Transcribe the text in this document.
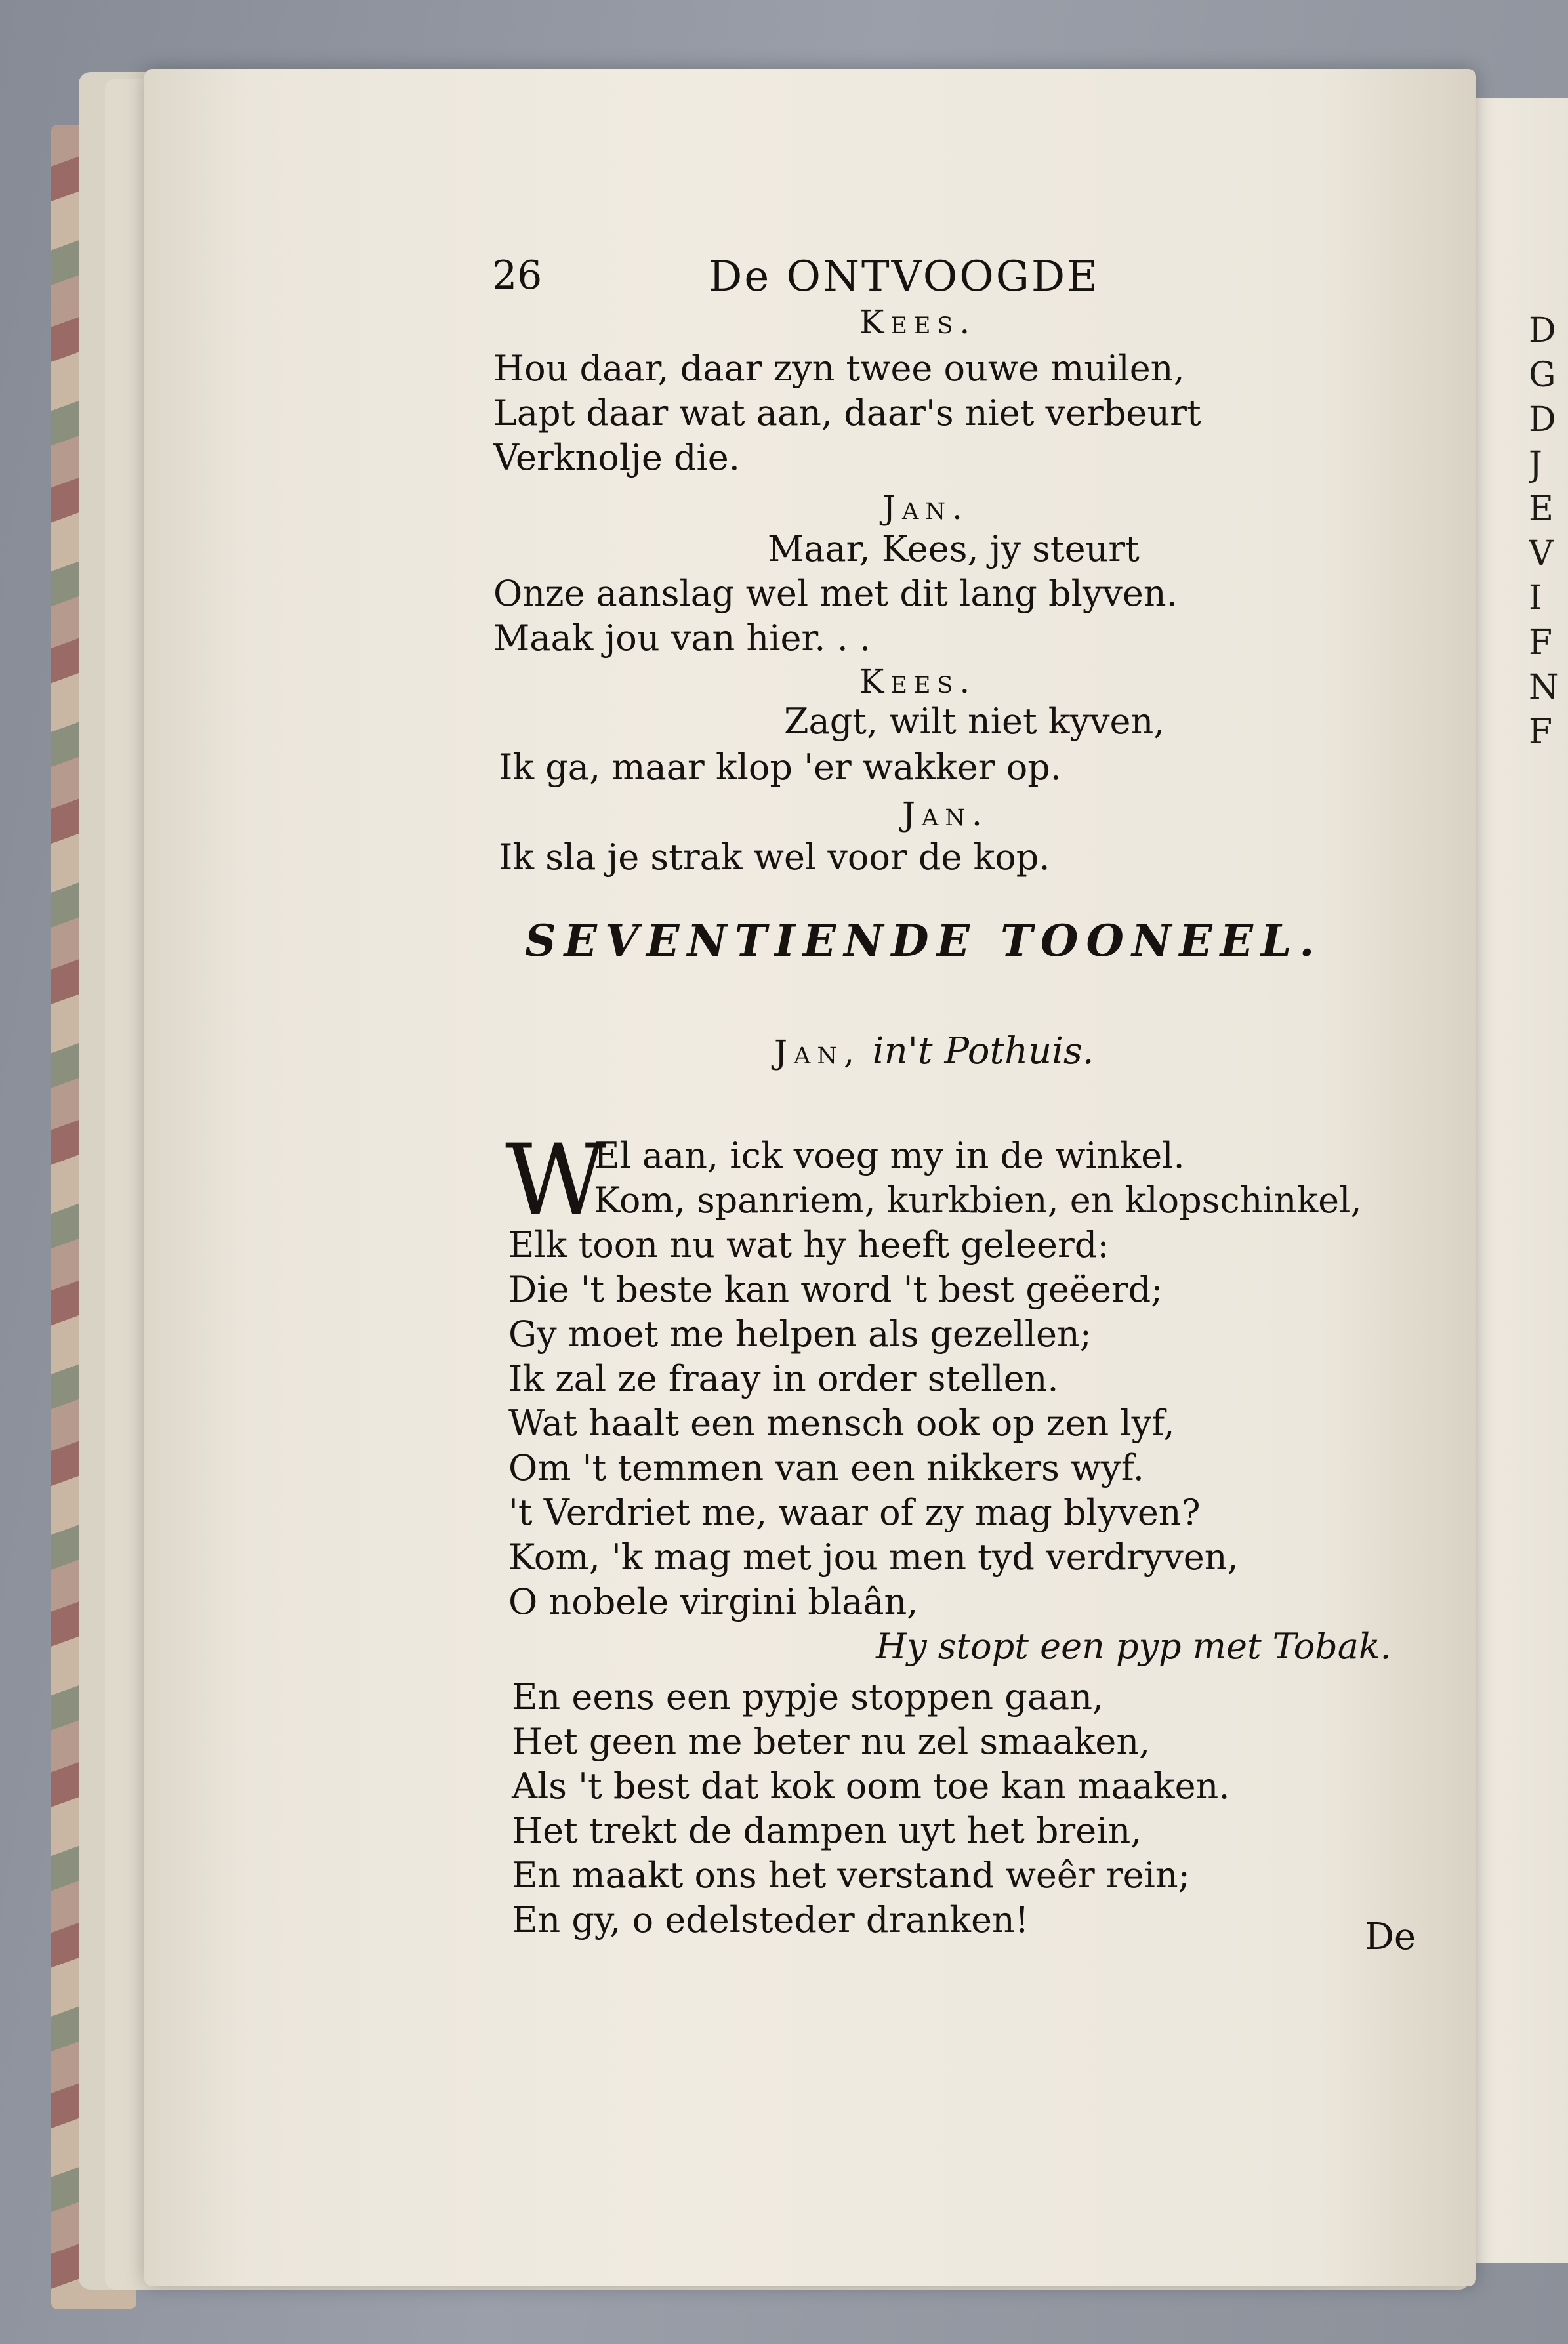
D
G
D
J
E
V
I
F
N
F
26	De ONTVOOGDE
Kees.
Hou daar, daar zyn twee ouwe muilen,
Lapt daar wat aan, daar's niet verbeurt
Verknolje die.
Jan.
Maar, Kees, jy steurt
Onze aanslag wel met dit lang blyven.
Maak jou van hier. . .
Kees.
Zagt, wilt niet kyven,
Ik ga, maar klop 'er wakker op.
Jan.
Ik sla je strak wel voor de kop.
SEVENTIENDE TOONEEL.
Jan, in't Pothuis.
W
El aan, ick voeg my in de winkel.
Kom, spanriem, kurkbien, en klopschinkel,
Elk toon nu wat hy heeft geleerd:
Die 't beste kan word 't best geëerd;
Gy moet me helpen als gezellen;
Ik zal ze fraay in order stellen.
Wat haalt een mensch ook op zen lyf,
Om 't temmen van een nikkers wyf.
't Verdriet me, waar of zy mag blyven?
Kom, 'k mag met jou men tyd verdryven,
O nobele virgini blaân,
Hy stopt een pyp met Tobak.
En eens een pypje stoppen gaan,
Het geen me beter nu zel smaaken,
Als 't best dat kok oom toe kan maaken.
Het trekt de dampen uyt het brein,
En maakt ons het verstand weêr rein;
En gy, o edelsteder dranken!	De
